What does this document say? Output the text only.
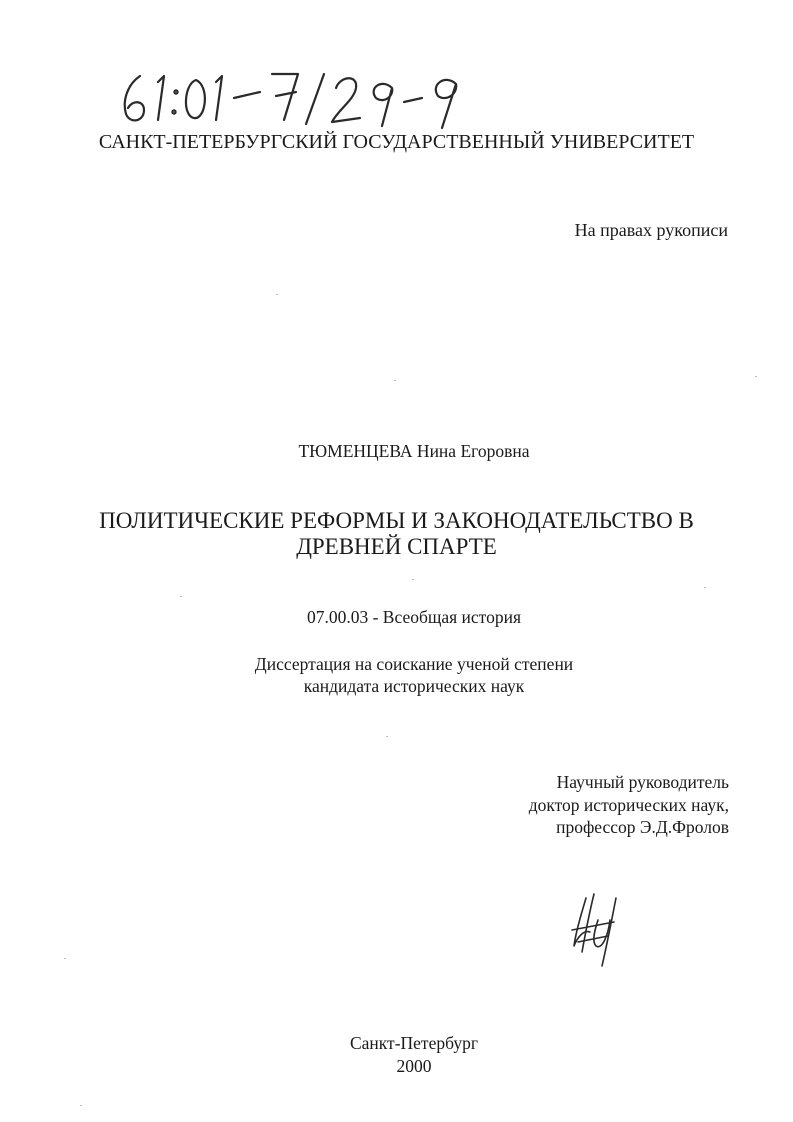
САНКТ-ПЕТЕРБУРГСКИЙ ГОСУДАРСТВЕННЫЙ УНИВЕРСИТЕТ
На правах рукописи
ТЮМЕНЦЕВА Нина Егоровна
ПОЛИТИЧЕСКИЕ РЕФОРМЫ И ЗАКОНОДАТЕЛЬСТВО В
ДРЕВНЕЙ СПАРТЕ
07.00.03 - Всеобщая история
Диссертация на соискание ученой степени
кандидата исторических наук
Научный руководитель
доктор исторических наук,
профессор Э.Д.Фролов
Санкт-Петербург
2000
